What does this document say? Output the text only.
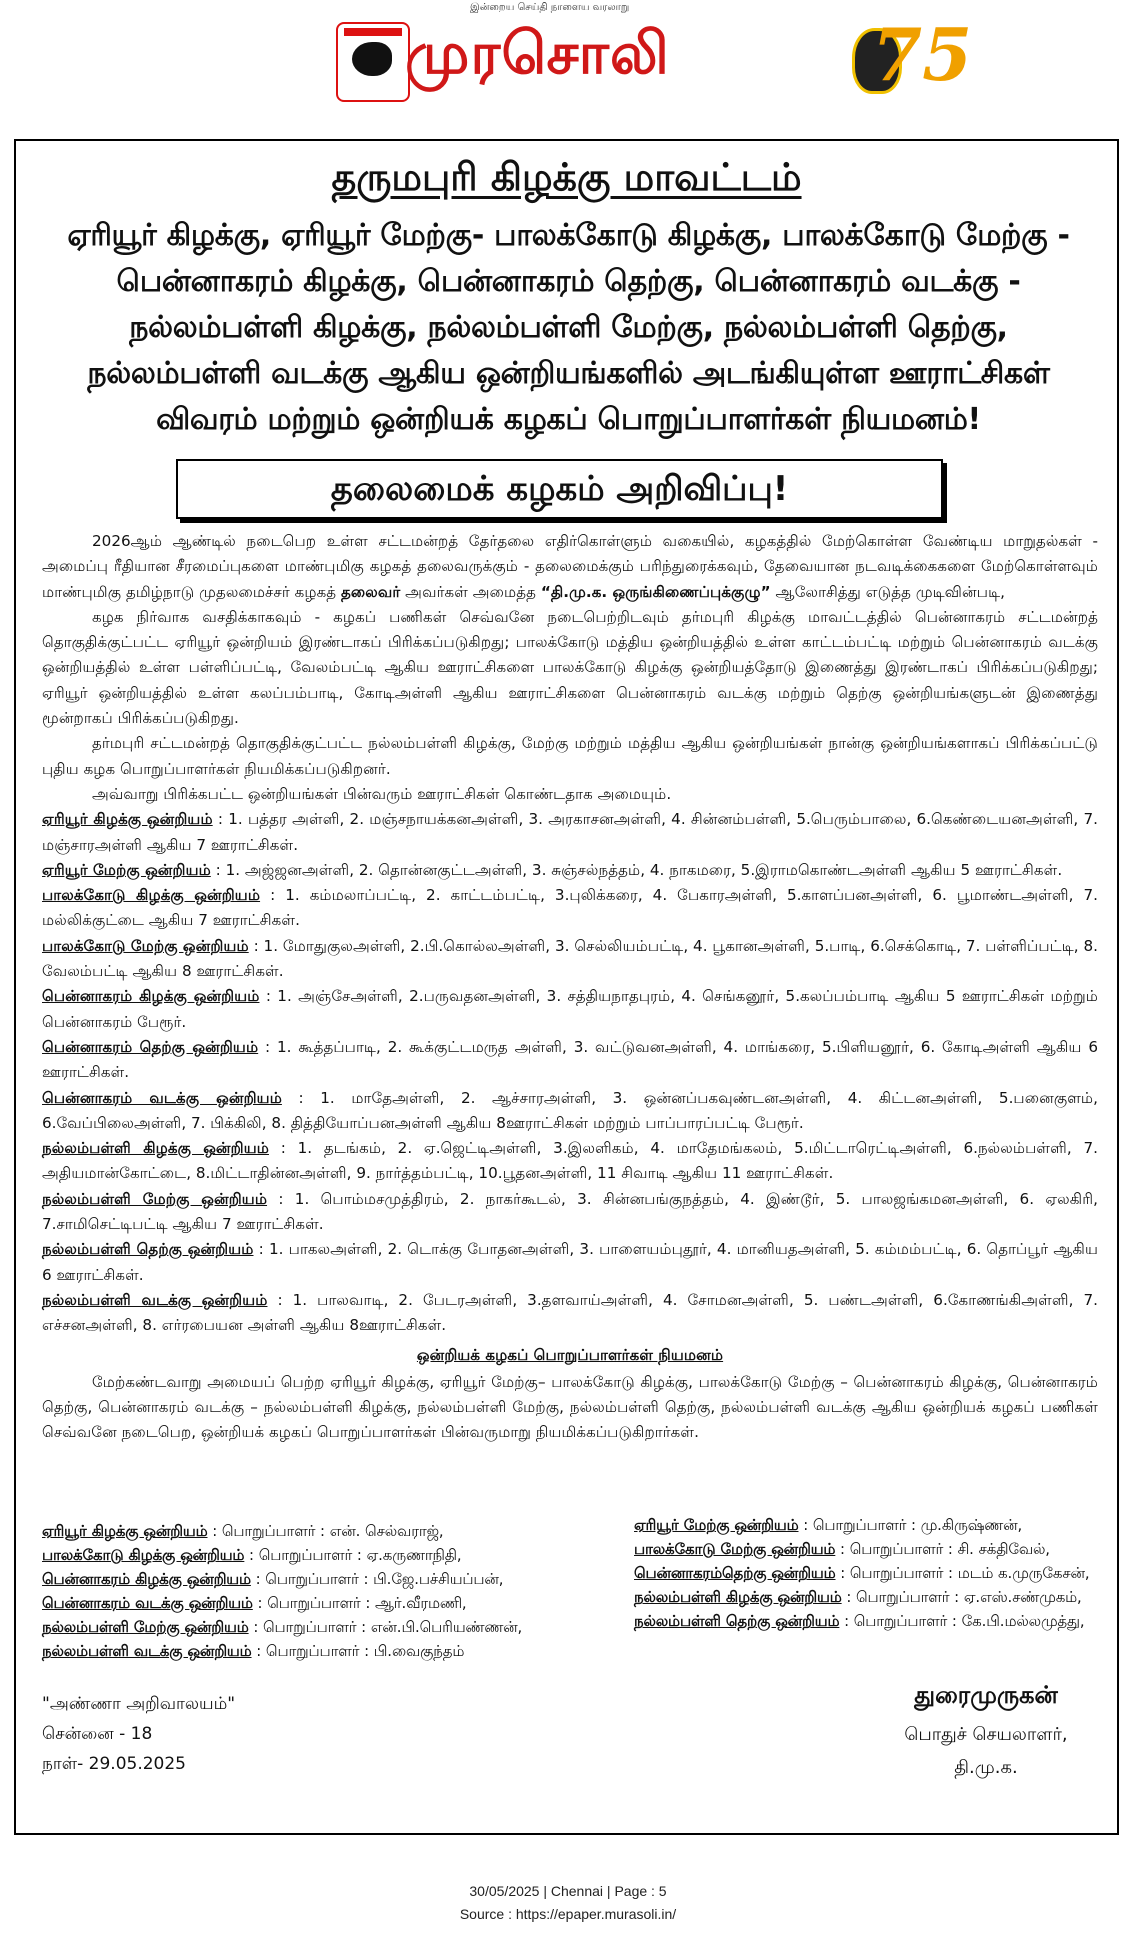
இன்றைய செய்தி நாளைய வரலாறு
முரசொலி	75
தருமபுரி கிழக்கு மாவட்டம்
ஏரியூர் கிழக்கு, ஏரியூர் மேற்கு- பாலக்கோடு கிழக்கு, பாலக்கோடு மேற்கு - பென்னாகரம் கிழக்கு, பென்னாகரம் தெற்கு, பென்னாகரம் வடக்கு - நல்லம்பள்ளி கிழக்கு, நல்லம்பள்ளி மேற்கு, நல்லம்பள்ளி தெற்கு, நல்லம்பள்ளி வடக்கு ஆகிய ஒன்றியங்களில் அடங்கியுள்ள ஊராட்சிகள் விவரம் மற்றும் ஒன்றியக் கழகப் பொறுப்பாளர்கள் நியமனம்!
தலைமைக் கழகம் அறிவிப்பு!

2026ஆம் ஆண்டில் நடைபெற உள்ள சட்டமன்றத் தேர்தலை எதிர்கொள்ளும் வகையில், கழகத்தில் மேற்கொள்ள வேண்டிய மாறுதல்கள் - அமைப்பு ரீதியான சீரமைப்புகளை மாண்புமிகு கழகத் தலைவருக்கும் - தலைமைக்கும் பரிந்துரைக்கவும், தேவையான நடவடிக்கைகளை மேற்கொள்ளவும் மாண்புமிகு தமிழ்நாடு முதலமைச்சர் கழகத் தலைவர் அவர்கள் அமைத்த “தி.மு.க. ஒருங்கிணைப்புக்குழு” ஆலோசித்து எடுத்த முடிவின்படி,

கழக நிர்வாக வசதிக்காகவும் - கழகப் பணிகள் செவ்வனே நடைபெற்றிடவும் தர்மபுரி கிழக்கு மாவட்டத்தில் பென்னாகரம் சட்டமன்றத் தொகுதிக்குட்பட்ட ஏரியூர் ஒன்றியம் இரண்டாகப் பிரிக்கப்படுகிறது; பாலக்கோடு மத்திய ஒன்றியத்தில் உள்ள காட்டம்பட்டி மற்றும் பென்னாகரம் வடக்கு ஒன்றியத்தில் உள்ள பள்ளிப்பட்டி, வேலம்பட்டி ஆகிய ஊராட்சிகளை பாலக்கோடு கிழக்கு ஒன்றியத்தோடு இணைத்து இரண்டாகப் பிரிக்கப்படுகிறது; ஏரியூர் ஒன்றியத்தில் உள்ள கலப்பம்பாடி, கோடிஅள்ளி ஆகிய ஊராட்சிகளை பென்னாகரம் வடக்கு மற்றும் தெற்கு ஒன்றியங்களுடன் இணைத்து மூன்றாகப் பிரிக்கப்படுகிறது.

தர்மபுரி சட்டமன்றத் தொகுதிக்குட்பட்ட நல்லம்பள்ளி கிழக்கு, மேற்கு மற்றும் மத்திய ஆகிய ஒன்றியங்கள் நான்கு ஒன்றியங்களாகப் பிரிக்கப்பட்டு புதிய கழக பொறுப்பாளர்கள் நியமிக்கப்படுகிறனர்.

அவ்வாறு பிரிக்கபட்ட ஒன்றியங்கள் பின்வரும் ஊராட்சிகள் கொண்டதாக அமையும்.

ஏரியூர் கிழக்கு ஒன்றியம் : 1. பத்தர அள்ளி, 2. மஞ்சநாயக்கனஅள்ளி, 3. அரகாசனஅள்ளி, 4. சின்னம்பள்ளி, 5.பெரும்பாலை, 6.கெண்டையனஅள்ளி, 7. மஞ்சாரஅள்ளி ஆகிய 7 ஊராட்சிகள்.

ஏரியூர் மேற்கு ஒன்றியம் : 1. அஜ்ஜனஅள்ளி, 2. தொன்னகுட்டஅள்ளி, 3. சுஞ்சல்நத்தம், 4. நாகமரை, 5.இராமகொண்டஅள்ளி ஆகிய 5 ஊராட்சிகள்.

பாலக்கோடு கிழக்கு ஒன்றியம் : 1. கம்மலாப்பட்டி, 2. காட்டம்பட்டி, 3.புலிக்கரை, 4. பேகாரஅள்ளி, 5.காளப்பனஅள்ளி, 6. பூமாண்டஅள்ளி, 7. மல்லிக்குட்டை ஆகிய 7 ஊராட்சிகள்.

பாலக்கோடு மேற்கு ஒன்றியம் : 1. மோதுகுலஅள்ளி, 2.பி.கொல்லஅள்ளி, 3. செல்லியம்பட்டி, 4. பூகானஅள்ளி, 5.பாடி, 6.செக்கொடி, 7. பள்ளிப்பட்டி, 8. வேலம்பட்டி ஆகிய 8 ஊராட்சிகள்.

பென்னாகரம் கிழக்கு ஒன்றியம் : 1. அஞ்சேஅள்ளி, 2.பருவதனஅள்ளி, 3. சத்தியநாதபுரம், 4. செங்கனூர், 5.கலப்பம்பாடி ஆகிய 5 ஊராட்சிகள் மற்றும் பென்னாகரம் பேரூர்.

பென்னாகரம் தெற்கு ஒன்றியம் : 1. கூத்தப்பாடி, 2. கூக்குட்டமருத அள்ளி, 3. வட்டுவனஅள்ளி, 4. மாங்கரை, 5.பிளியனூர், 6. கோடிஅள்ளி ஆகிய 6 ஊராட்சிகள்.

பென்னாகரம் வடக்கு ஒன்றியம் : 1. மாதேஅள்ளி, 2. ஆச்சாரஅள்ளி, 3. ஒன்னப்பகவுண்டனஅள்ளி, 4. கிட்டனஅள்ளி, 5.பனைகுளம், 6.வேப்பிலைஅள்ளி, 7. பிக்கிலி, 8. தித்தியோப்பனஅள்ளி ஆகிய 8ஊராட்சிகள் மற்றும் பாப்பாரப்பட்டி பேரூர்.

நல்லம்பள்ளி கிழக்கு ஒன்றியம் : 1. தடங்கம், 2. ஏ.ஜெட்டிஅள்ளி, 3.இலளிகம், 4. மாதேமங்கலம், 5.மிட்டாரெட்டிஅள்ளி, 6.நல்லம்பள்ளி, 7. அதியமான்கோட்டை, 8.மிட்டாதின்னஅள்ளி, 9. நார்த்தம்பட்டி, 10.பூதனஅள்ளி, 11 சிவாடி ஆகிய 11 ஊராட்சிகள்.

நல்லம்பள்ளி மேற்கு ஒன்றியம் : 1. பொம்மசமுத்திரம், 2. நாகர்கூடல், 3. சின்னபங்குநத்தம், 4. இண்டூர், 5. பாலஜங்கமனஅள்ளி, 6. ஏலகிரி, 7.சாமிசெட்டிபட்டி ஆகிய 7 ஊராட்சிகள்.

நல்லம்பள்ளி தெற்கு ஒன்றியம் : 1. பாகலஅள்ளி, 2. டொக்கு போதனஅள்ளி, 3. பாளையம்புதூர், 4. மானியதஅள்ளி, 5. கம்மம்பட்டி, 6. தொப்பூர் ஆகிய 6 ஊராட்சிகள்.

நல்லம்பள்ளி வடக்கு ஒன்றியம் : 1. பாலவாடி, 2. பேடரஅள்ளி, 3.தளவாய்அள்ளி, 4. சோமனஅள்ளி, 5. பண்டஅள்ளி, 6.கோணங்கிஅள்ளி, 7. எச்சனஅள்ளி, 8. எர்ரபையன அள்ளி ஆகிய 8ஊராட்சிகள்.

ஒன்றியக் கழகப் பொறுப்பாளர்கள் நியமனம்

மேற்கண்டவாறு அமையப் பெற்ற ஏரியூர் கிழக்கு, ஏரியூர் மேற்கு– பாலக்கோடு கிழக்கு, பாலக்கோடு மேற்கு – பென்னாகரம் கிழக்கு, பென்னாகரம் தெற்கு, பென்னாகரம் வடக்கு – நல்லம்பள்ளி கிழக்கு, நல்லம்பள்ளி மேற்கு, நல்லம்பள்ளி தெற்கு, நல்லம்பள்ளி வடக்கு ஆகிய ஒன்றியக் கழகப் பணிகள் செவ்வனே நடைபெற, ஒன்றியக் கழகப் பொறுப்பாளர்கள் பின்வருமாறு நியமிக்கப்படுகிறார்கள்.

ஏரியூர் கிழக்கு ஒன்றியம் : பொறுப்பாளர் : என். செல்வராஜ்,
பாலக்கோடு கிழக்கு ஒன்றியம் : பொறுப்பாளர் : ஏ.கருணாநிதி,
பென்னாகரம் கிழக்கு ஒன்றியம் : பொறுப்பாளர் : பி.ஜே.பச்சியப்பன்,
பென்னாகரம் வடக்கு ஒன்றியம் : பொறுப்பாளர் : ஆர்.வீரமணி,
நல்லம்பள்ளி மேற்கு ஒன்றியம் : பொறுப்பாளர் : என்.பி.பெரியண்ணன்,
நல்லம்பள்ளி வடக்கு ஒன்றியம் : பொறுப்பாளர் : பி.வைகுந்தம்
ஏரியூர் மேற்கு ஒன்றியம் : பொறுப்பாளர் : மு.கிருஷ்ணன்,
பாலக்கோடு மேற்கு ஒன்றியம் : பொறுப்பாளர் : சி. சக்திவேல்,
பென்னாகரம்தெற்கு ஒன்றியம் : பொறுப்பாளர் : மடம் க.முருகேசன்,
நல்லம்பள்ளி கிழக்கு ஒன்றியம் : பொறுப்பாளர் : ஏ.எஸ்.சண்முகம்,
நல்லம்பள்ளி தெற்கு ஒன்றியம் : பொறுப்பாளர் : கே.பி.மல்லமுத்து,
"அண்ணா அறிவாலயம்"
சென்னை - 18
நாள்- 29.05.2025
துரைமுருகன்
பொதுச் செயலாளர்,
தி.மு.க.
30/05/2025 | Chennai | Page : 5
Source : https://epaper.murasoli.in/
